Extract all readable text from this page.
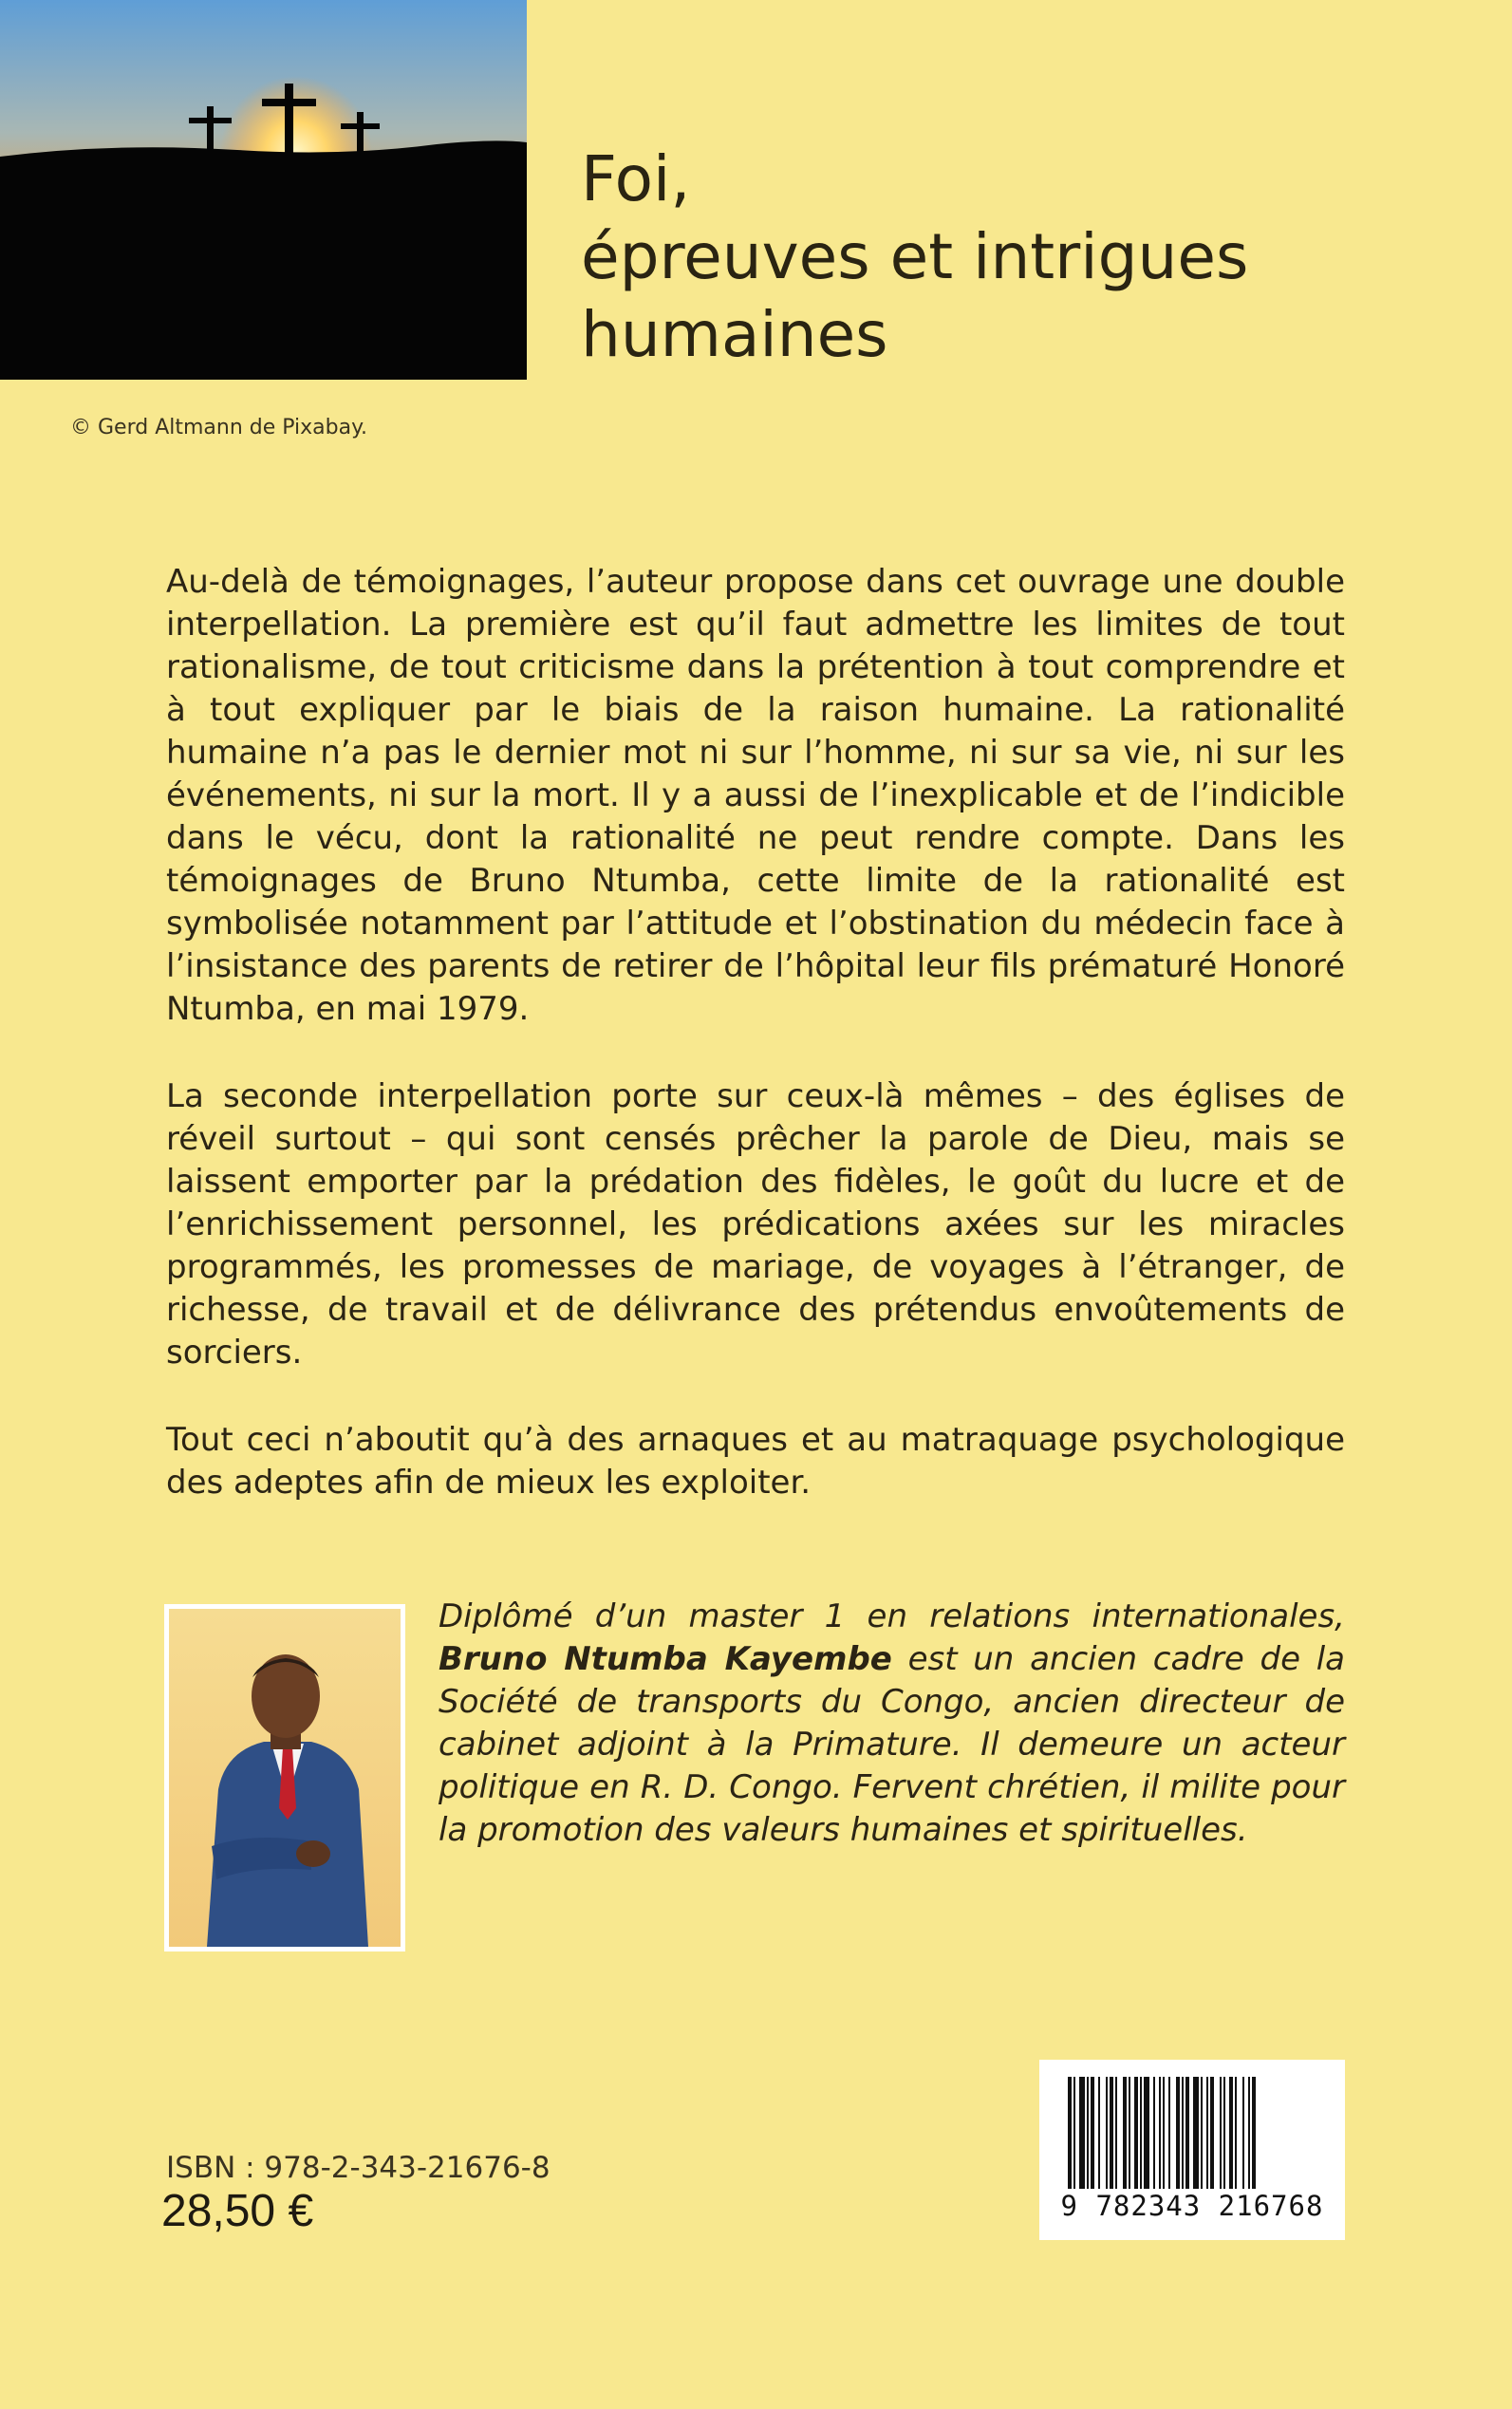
© Gerd Altmann de Pixabay.
Foi,
épreuves et intrigues
humaines

Au-delà de témoignages, l’auteur propose dans cet ouvrage une double interpellation. La première est qu’il faut admettre les limites de tout rationalisme, de tout criticisme dans la prétention à tout comprendre et à tout expliquer par le biais de la raison humaine. La rationalité humaine n’a pas le dernier mot ni sur l’homme, ni sur sa vie, ni sur les événements, ni sur la mort. Il y a aussi de l’inexplicable et de l’indicible dans le vécu, dont la rationalité ne peut rendre compte. Dans les témoignages de Bruno Ntumba, cette limite de la rationalité est symbolisée notamment par l’attitude et l’obstination du médecin face à l’insistance des parents de retirer de l’hôpital leur fils prématuré Honoré Ntumba, en mai 1979.

La seconde interpellation porte sur ceux-là mêmes – des églises de réveil surtout – qui sont censés prêcher la parole de Dieu, mais se laissent emporter par la prédation des fidèles, le goût du lucre et de l’enrichissement personnel, les prédications axées sur les miracles programmés, les promesses de mariage, de voyages à l’étranger, de richesse, de travail et de délivrance des prétendus envoûtements de sorciers.

Tout ceci n’aboutit qu’à des arnaques et au matraquage psychologique des adeptes afin de mieux les exploiter.

Diplômé d’un master 1 en relations internationales, Bruno Ntumba Kayembe est un ancien cadre de la Société de transports du Congo, ancien directeur de cabinet adjoint à la Primature. Il demeure un acteur politique en R. D. Congo. Fervent chrétien, il milite pour la promotion des valeurs humaines et spirituelles.
ISBN : 978-2-343-21676-8
28,50 €	9 782343 216768
